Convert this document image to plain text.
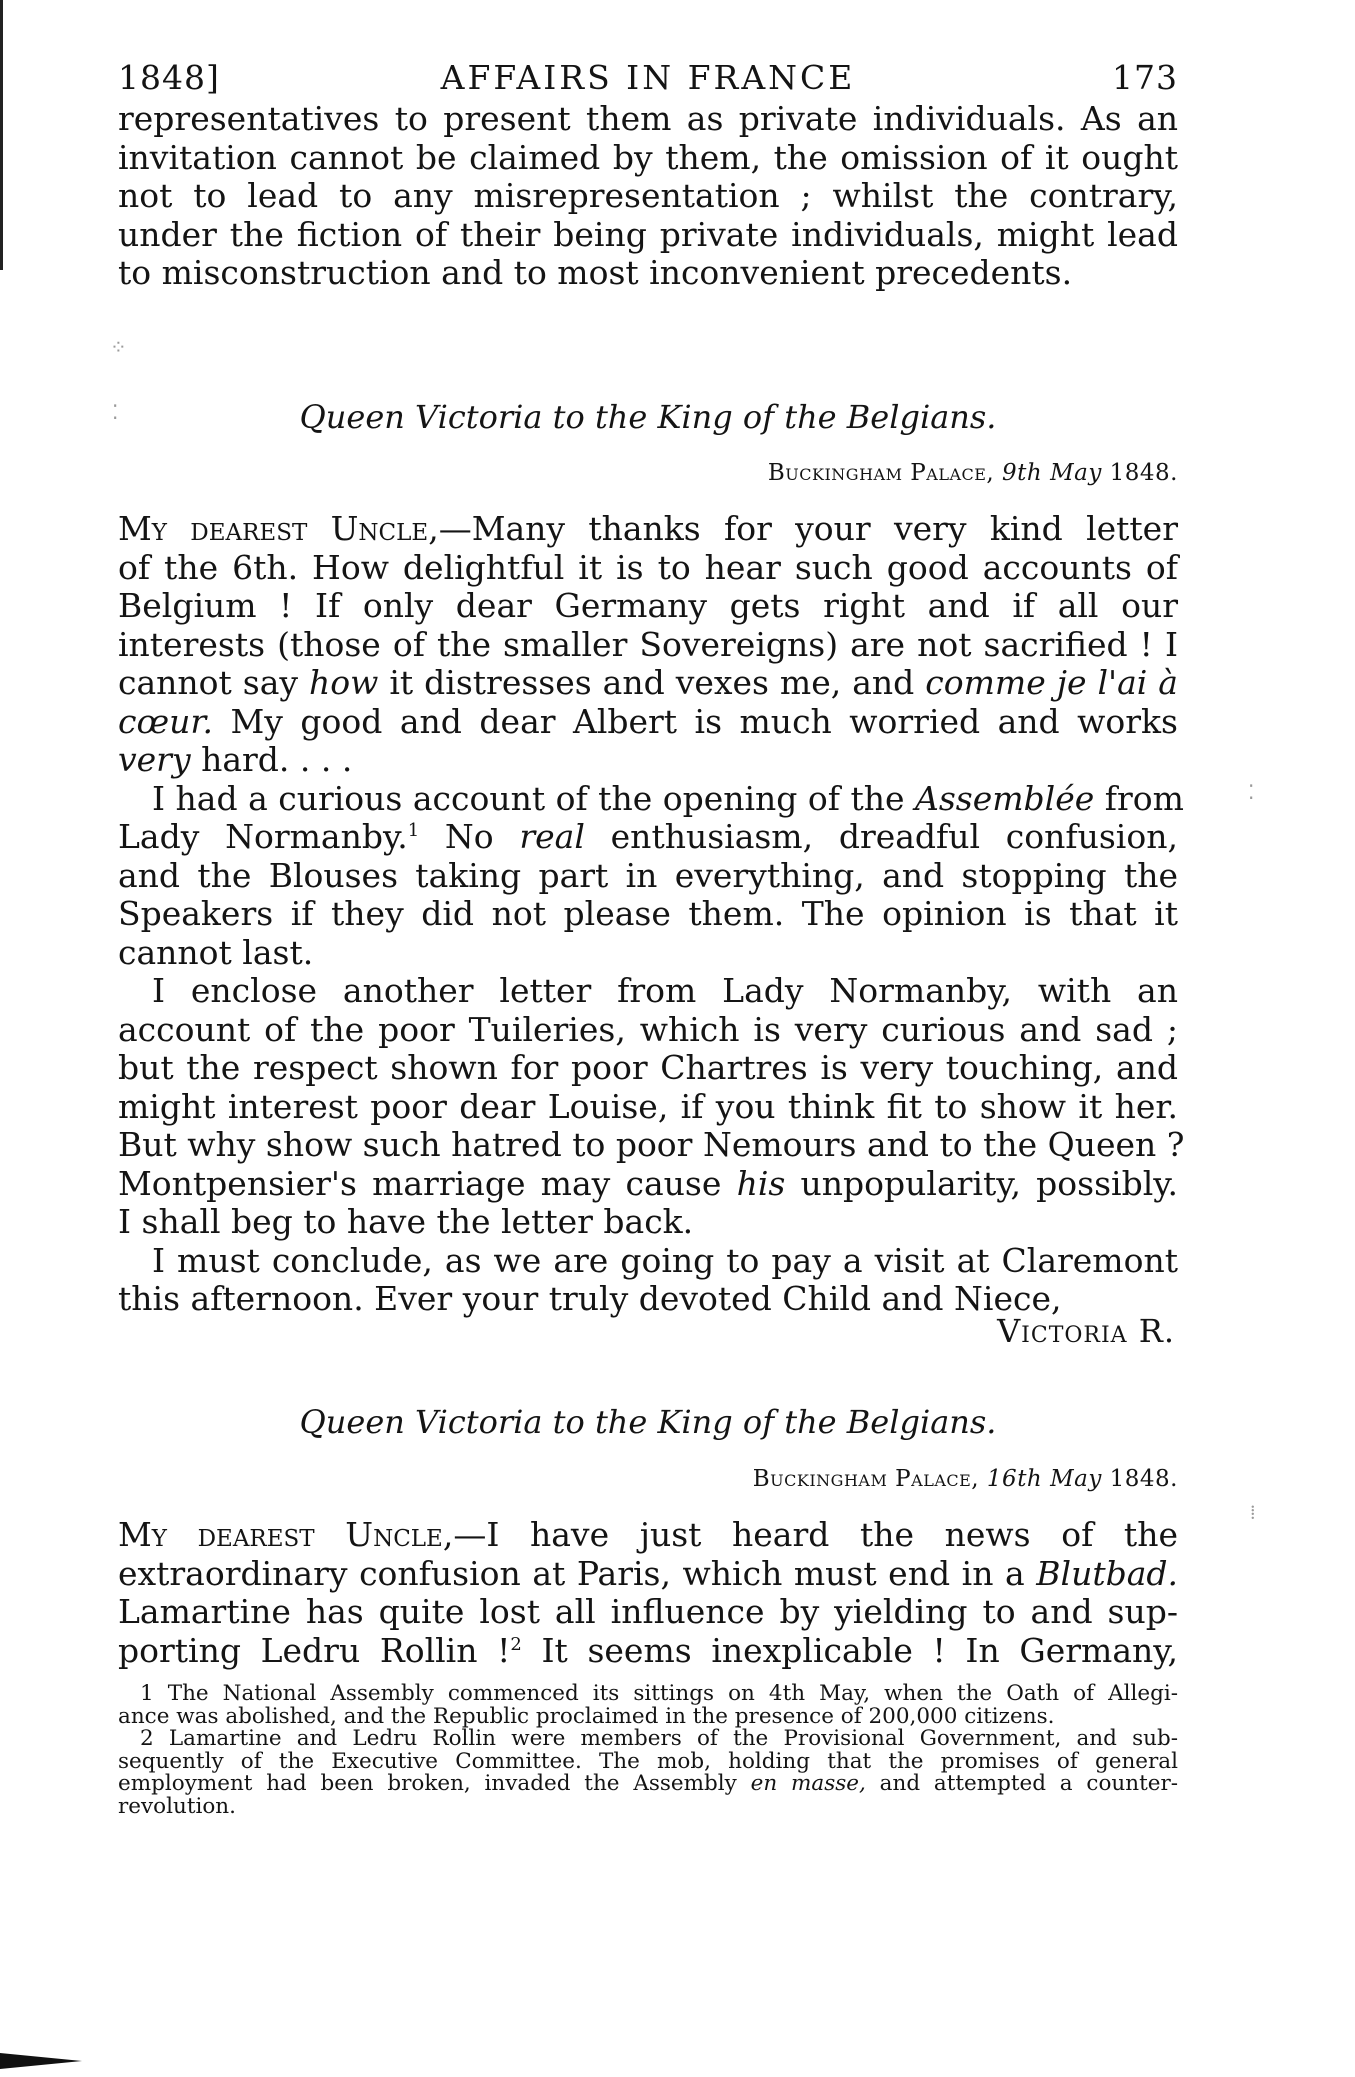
1848]	AFFAIRS IN FRANCE	173
representatives to present them as private individuals. As an
invitation cannot be claimed by them, the omission of it ought
not to lead to any misrepresentation ; whilst the contrary,
under the fiction of their being private individuals, might lead
to misconstruction and to most inconvenient precedents.
Queen Victoria to the King of the Belgians.
Buckingham Palace, 9th May 1848.
My dearest Uncle,—Many thanks for your very kind letter
of the 6th. How delightful it is to hear such good accounts of
Belgium ! If only dear Germany gets right and if all our
interests (those of the smaller Sovereigns) are not sacrified ! I
cannot say how it distresses and vexes me, and comme je l'ai à
cœur. My good and dear Albert is much worried and works
very hard. . . .
I had a curious account of the opening of the Assemblée from
Lady Normanby.$^1$ No real enthusiasm, dreadful confusion,
and the Blouses taking part in everything, and stopping the
Speakers if they did not please them. The opinion is that it
cannot last.
I enclose another letter from Lady Normanby, with an
account of the poor Tuileries, which is very curious and sad ;
but the respect shown for poor Chartres is very touching, and
might interest poor dear Louise, if you think fit to show it her.
But why show such hatred to poor Nemours and to the Queen ?
Montpensier's marriage may cause his unpopularity, possibly.
I shall beg to have the letter back.
I must conclude, as we are going to pay a visit at Claremont
this afternoon. Ever your truly devoted Child and Niece,
Victoria R.
Queen Victoria to the King of the Belgians.
Buckingham Palace, 16th May 1848.
My dearest Uncle,—I have just heard the news of the
extraordinary confusion at Paris, which must end in a Blutbad.
Lamartine has quite lost all influence by yielding to and sup-
porting Ledru Rollin !$^2$ It seems inexplicable ! In Germany,
1 The National Assembly commenced its sittings on 4th May, when the Oath of Allegi-
ance was abolished, and the Republic proclaimed in the presence of 200,000 citizens.
2 Lamartine and Ledru Rollin were members of the Provisional Government, and sub-
sequently of the Executive Committee. The mob, holding that the promises of general
employment had been broken, invaded the Assembly en masse, and attempted a counter-
revolution.
⁘
⁚
⁚
⁞
